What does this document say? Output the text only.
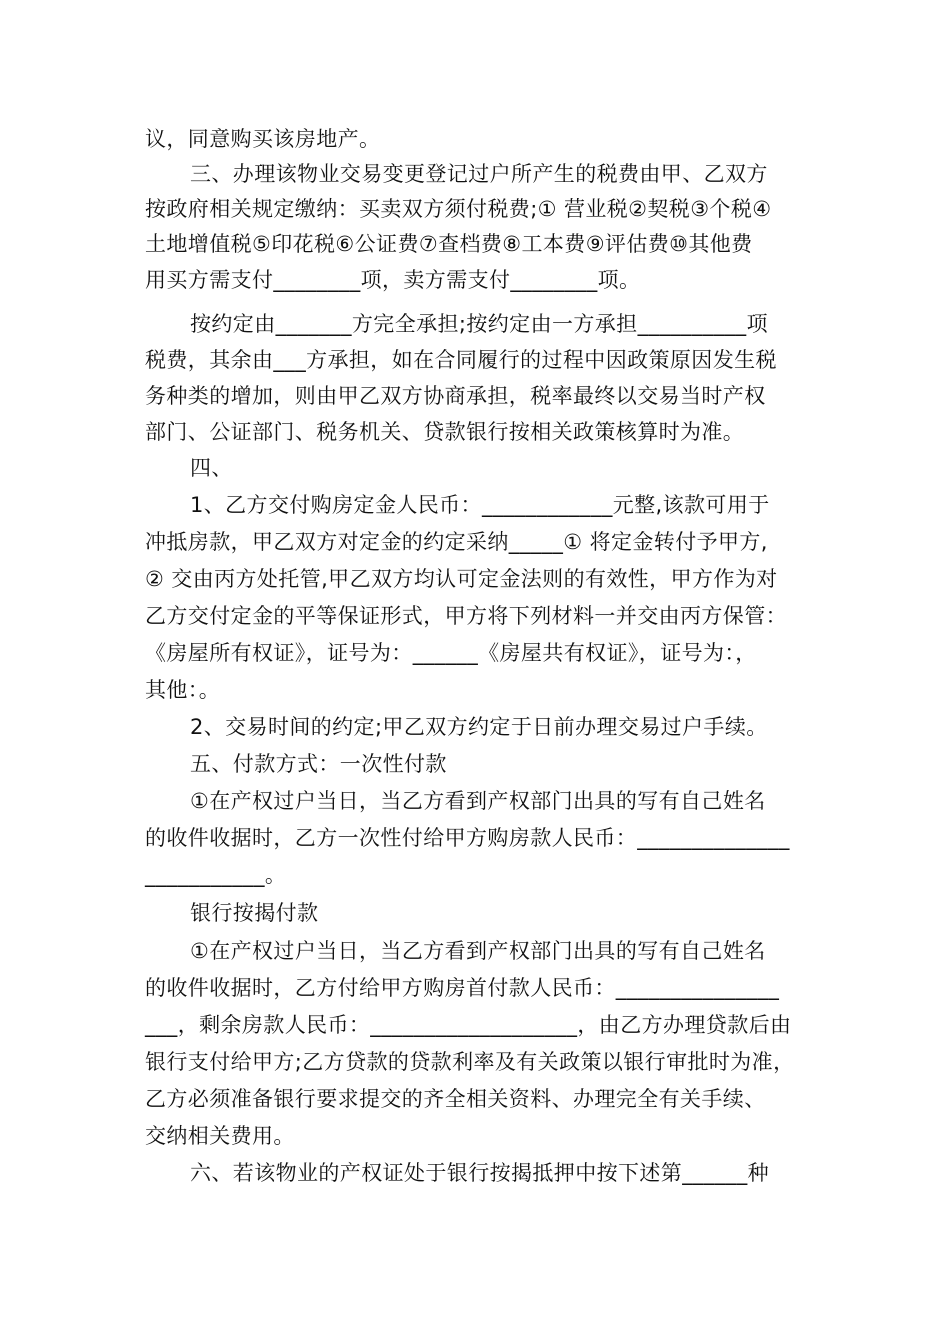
议，同意购买该房地产。
三、办理该物业交易变更登记过户所产生的税费由甲、乙双方
按政府相关规定缴纳：买卖双方须付税费;① 营业税②契税③个税④
土地增值税⑤印花税⑥公证费⑦查档费⑧工本费⑨评估费⑩其他费
用买方需支付________项，卖方需支付________项。
按约定由_______方完全承担;按约定由一方承担__________项
税费，其余由___方承担，如在合同履行的过程中因政策原因发生税
务种类的增加，则由甲乙双方协商承担，税率最终以交易当时产权
部门、公证部门、税务机关、贷款银行按相关政策核算时为准。
四、
1、乙方交付购房定金人民币：____________元整,该款可用于
冲抵房款，甲乙双方对定金的约定采纳_____① 将定金转付予甲方,
② 交由丙方处托管,甲乙双方均认可定金法则的有效性，甲方作为对
乙方交付定金的平等保证形式，甲方将下列材料一并交由丙方保管：
《房屋所有权证》，证号为：______《房屋共有权证》，证号为：，
其他：。
2、交易时间的约定;甲乙双方约定于日前办理交易过户手续。
五、付款方式：一次性付款
①在产权过户当日，当乙方看到产权部门出具的写有自己姓名
的收件收据时，乙方一次性付给甲方购房款人民币：______________
___________。
银行按揭付款
①在产权过户当日，当乙方看到产权部门出具的写有自己姓名
的收件收据时，乙方付给甲方购房首付款人民币：_______________
___，剩余房款人民币：___________________，由乙方办理贷款后由
银行支付给甲方;乙方贷款的贷款利率及有关政策以银行审批时为准，
乙方必须准备银行要求提交的齐全相关资料、办理完全有关手续、
交纳相关费用。
六、若该物业的产权证处于银行按揭抵押中按下述第______种
